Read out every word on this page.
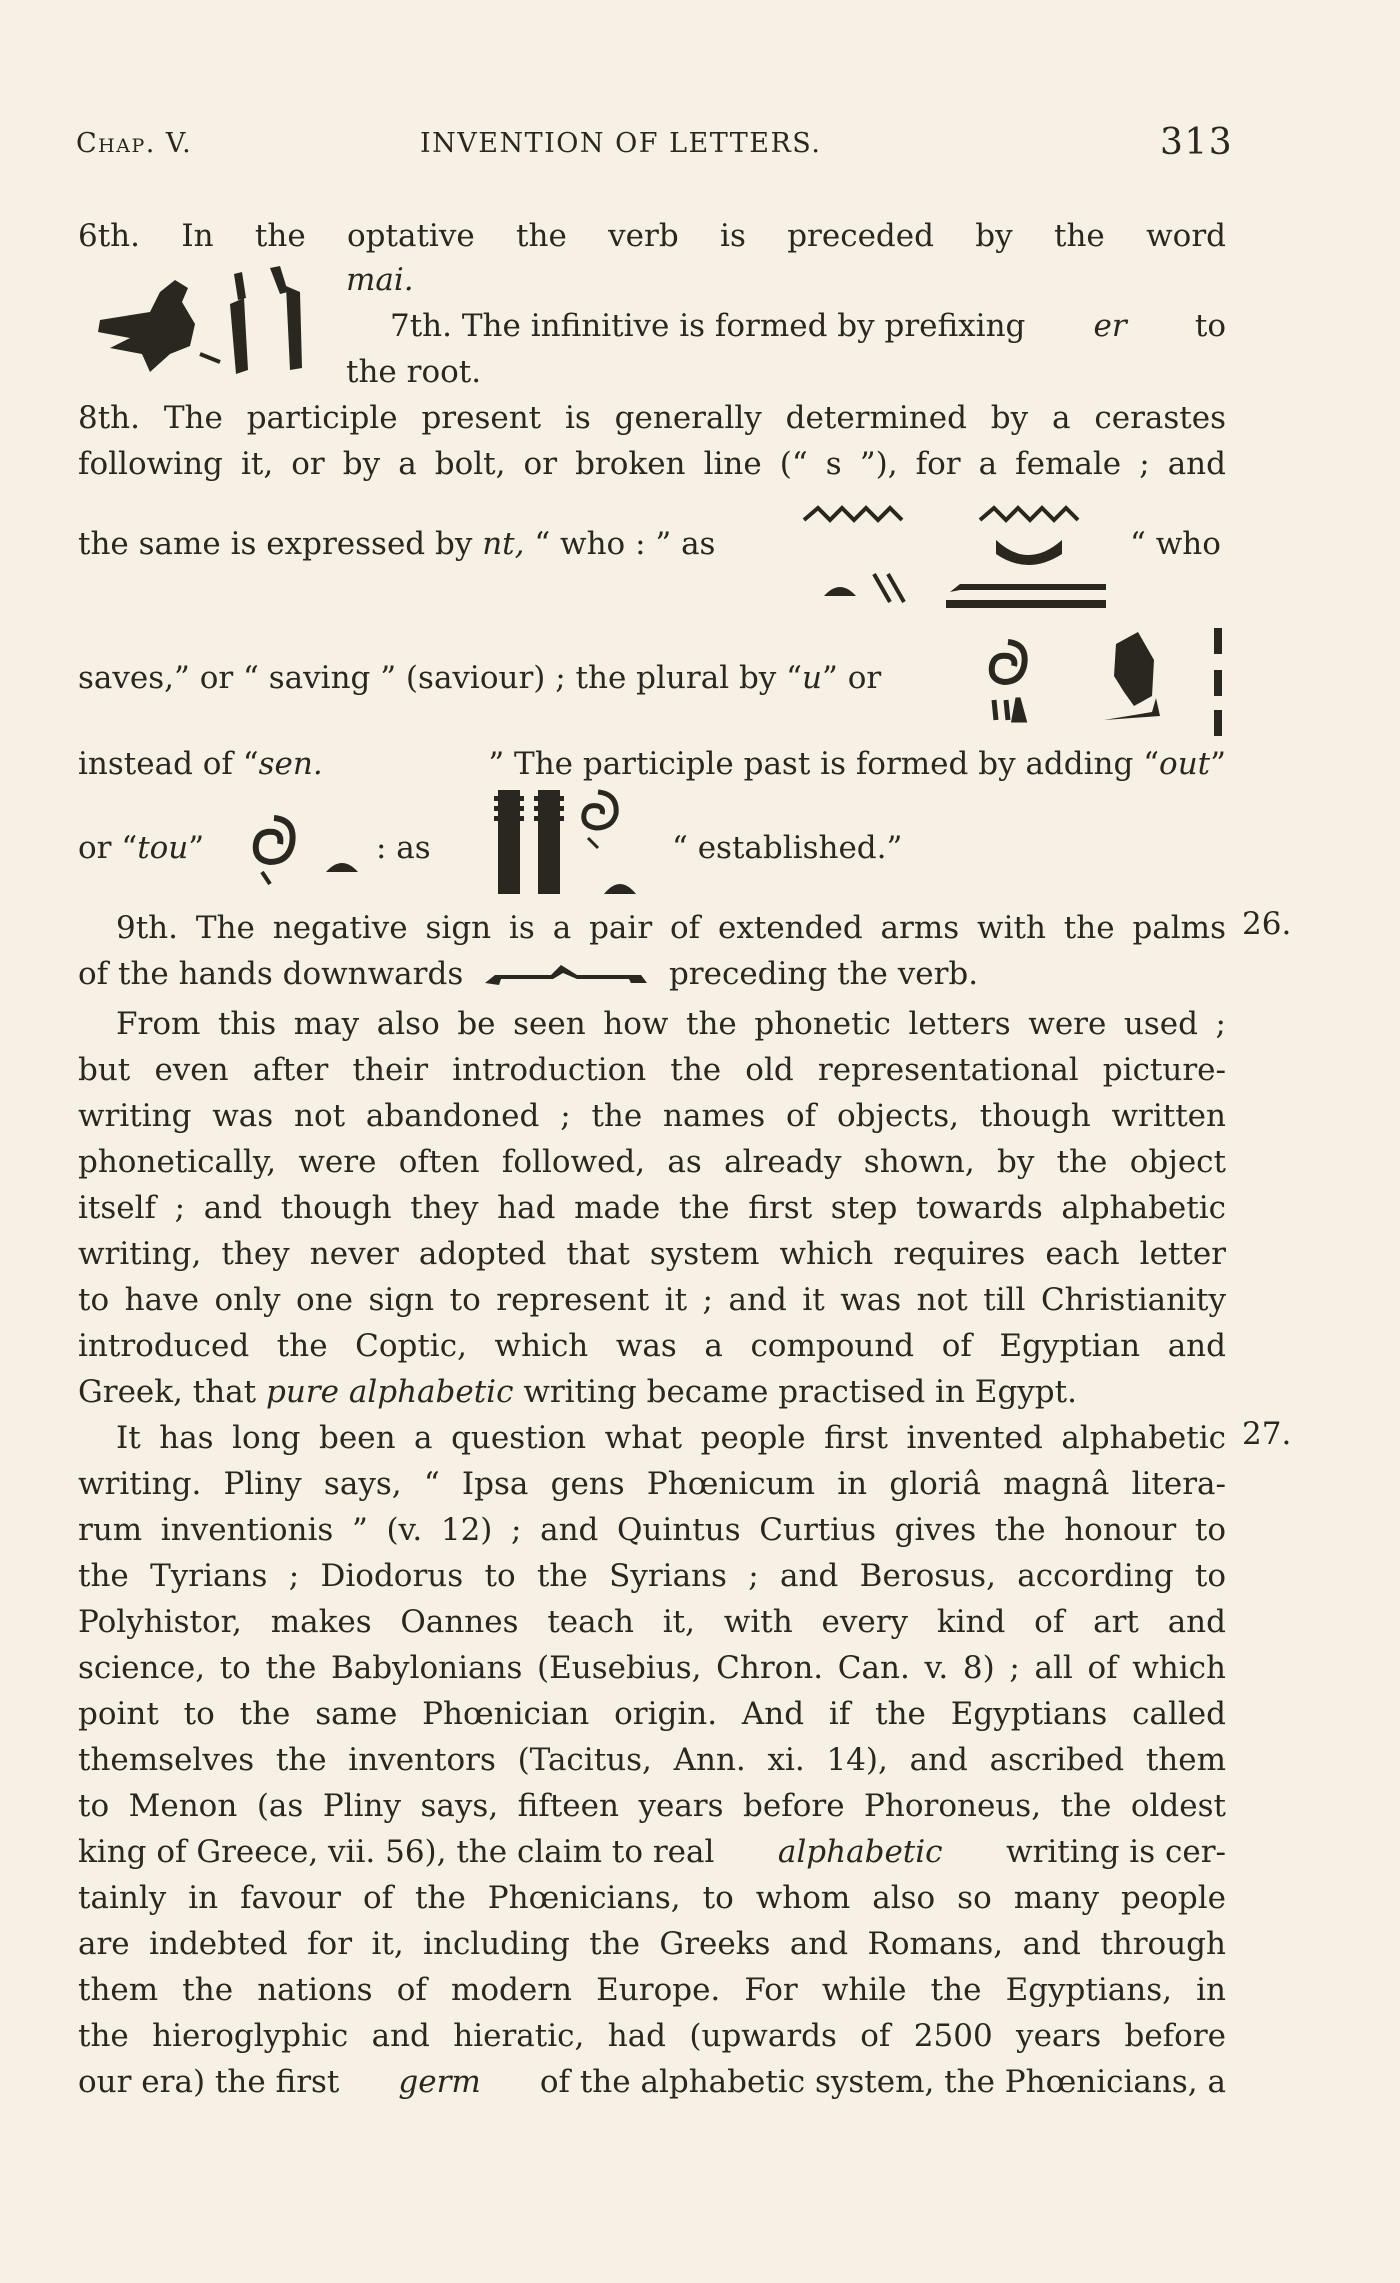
Chap. V.	INVENTION OF LETTERS.	313
6th. In the optative the verb is preceded by the word
mai.
7th. The infinitive is formed by prefixing er to
the root.
8th. The participle present is generally determined by a cerastes
following it, or by a bolt, or broken line (“ s ”), for a female ; and
the same is expressed by nt, “ who : ” as	“ who
saves,” or “ saving ” (saviour) ; the plural by “u” or
instead of “sen.	” The participle past is formed by adding “out”
or “tou”	: as	“ established.”
9th. The negative sign is a pair of extended arms with the palms 26.
of the hands downwards	preceding the verb.
From this may also be seen how the phonetic letters were used ;
but even after their introduction the old representational picture-
writing was not abandoned ; the names of objects, though written
phonetically, were often followed, as already shown, by the object
itself ; and though they had made the first step towards alphabetic
writing, they never adopted that system which requires each letter
to have only one sign to represent it ; and it was not till Christianity
introduced the Coptic, which was a compound of Egyptian and
Greek, that pure alphabetic writing became practised in Egypt.
It has long been a question what people first invented alphabetic 27.
writing. Pliny says, “ Ipsa gens Phœnicum in gloriâ magnâ litera-
rum inventionis ” (v. 12) ; and Quintus Curtius gives the honour to
the Tyrians ; Diodorus to the Syrians ; and Berosus, according to
Polyhistor, makes Oannes teach it, with every kind of art and
science, to the Babylonians (Eusebius, Chron. Can. v. 8) ; all of which
point to the same Phœnician origin. And if the Egyptians called
themselves the inventors (Tacitus, Ann. xi. 14), and ascribed them
to Menon (as Pliny says, fifteen years before Phoroneus, the oldest
king of Greece, vii. 56), the claim to real alphabetic writing is cer-
tainly in favour of the Phœnicians, to whom also so many people
are indebted for it, including the Greeks and Romans, and through
them the nations of modern Europe. For while the Egyptians, in
the hieroglyphic and hieratic, had (upwards of 2500 years before
our era) the first germ of the alphabetic system, the Phœnicians, a
